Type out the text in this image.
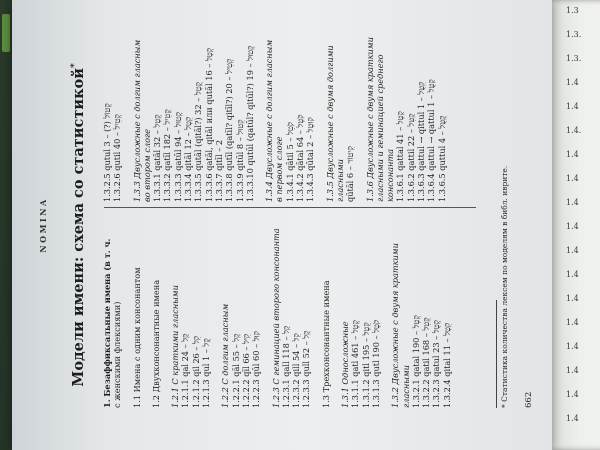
1.3
1.3.
1.3.
1.4
1.4
1.4.
1.4
1.4
1.4
1.4
1.4
1.4
1.4
1.4
1.4
1.4
1.4
1.4
NOMINA Модели имени: схема со статистикой*
1. Безаффиксальные имена (в т. ч. с женскими флексиями) 1.1 Имена с одним консонантом 1.2 Двухконсонантные имена 1.2.1 С краткими гласными 1.2.1.1 qal קַל – 24
1.2.1.2 qil קִל – 26
1.2.1.3 qul קֻל – 1 1.2.2 С долгим гласным 1.2.2.1 qāl קָל – 55
1.2.2.2 qīl קִיל – 66
1.2.2.3 qūl קוּל – 60 1.2.3 С геминацией второго консонанта 1.2.3.1 qall קַל – 118
1.2.3.2 qill קִל – 54
1.2.3.3 qull קֻל – 52 1.3 Трехконсонантные имена 1.3.1 Односложные 1.3.1.1 qatl קֶטֶל – 461
1.3.1.2 qitl קֵטֶל – 195
1.3.1.3 qutl קֹטֶל – 190 1.3.2 Двусложные с двумя краткими гласными 1.3.2.1 qatal קְטָל – 190
1.3.2.2 qatil קְטִל – 168
1.3.2.3 qatul קְטֻל – 23
1.3.2.4 qital קִטָל – 11
1.3.2.5 qutul קְטוֹל (?) – 3
1.3.2.6 qutil קְטִיל – 40 1.3.3 Двусложные с долгим гласным во втором слоге 1.3.3.1 qatāl קְטָל – 32
1.3.3.2 qatīl קָטִיל – 182
1.3.3.3 qatūl קָטוּל – 94
1.3.3.4 qitāl קִטָל – 12 1.3.3.5 qutāl (qitāl?) קֻטָל – 32 1.3.3.6 qatāl, qitāl или qutāl קְטָל – 16
1.3.3.7 qitīl – 2 1.3.3.8 qutīl (qatīl? qitīl?) קְטִיל – 20
1.3.3.9 qitūl קִטוּל – 8 1.3.3.10 qutūl (qatūl? qitūl?) קְטוּל – 19 1.3.4 Двусложные с долгим гласным в первом слоге 1.3.4.1 qātil קֹטֵל – 5
1.3.4.2 qātal קֹטֶל – 64
1.3.4.3 qūtal קוּטָל – 2 1.3.5 Двусложные с двумя долгими гласными qūtāl קִיטוֹר – 6 1.3.6 Двусложные с двумя краткими гласными и геминацией среднего консонанта 1.3.6.1 qattal קַטָּל – 41
1.3.6.2 qattil קַטִּל – 22 1.3.6.3 qattul → qittul קִטֻּל – 1
1.3.6.4 qattul → qattul קַטֻּל – 1
1.3.6.5 quttul קֻטֻּל – 4
* Статистика количества лексем по моделям в библ. иврите. 662
